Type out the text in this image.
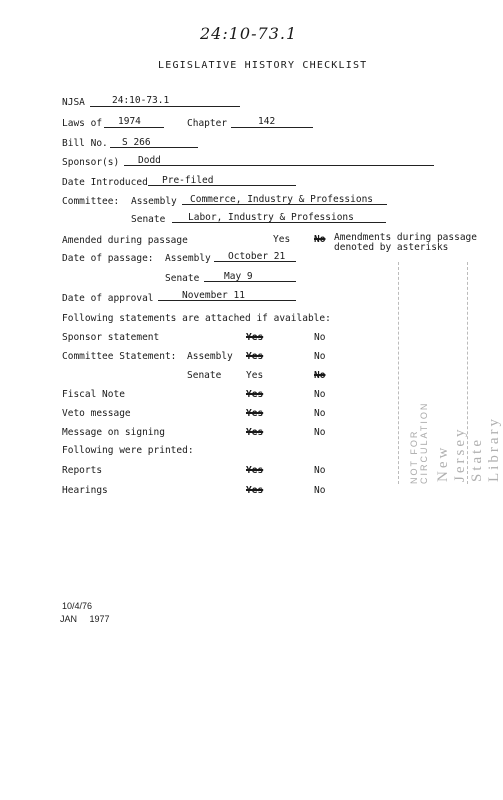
24:10-73.1
LEGISLATIVE HISTORY CHECKLIST
NJSA	24:10-73.1
Laws of 1974	Chapter	142
Bill No. S 266
Sponsor(s) Dodd
Date Introduced Pre-filed
Committee: Assembly Commerce, Industry & Professions
Senate Labor, Industry & Professions
Amended during passage	Yes	No Amendments during passage
denoted by asterisks
Date of passage: Assembly October 21
Senate	May 9
Date of approval	November 11
Following statements are attached if available:
Sponsor statement	Yes	No
Committee Statement: Assembly Yes	No
Senate	Yes	No
Fiscal Note	Yes	No
Veto message	Yes	No
Message on signing	Yes	No
Following were printed:
Reports	Yes	No
Hearings	Yes	No
NOT FOR CIRCULATION New Jersey State Library
10/4/76
JAN 1977
